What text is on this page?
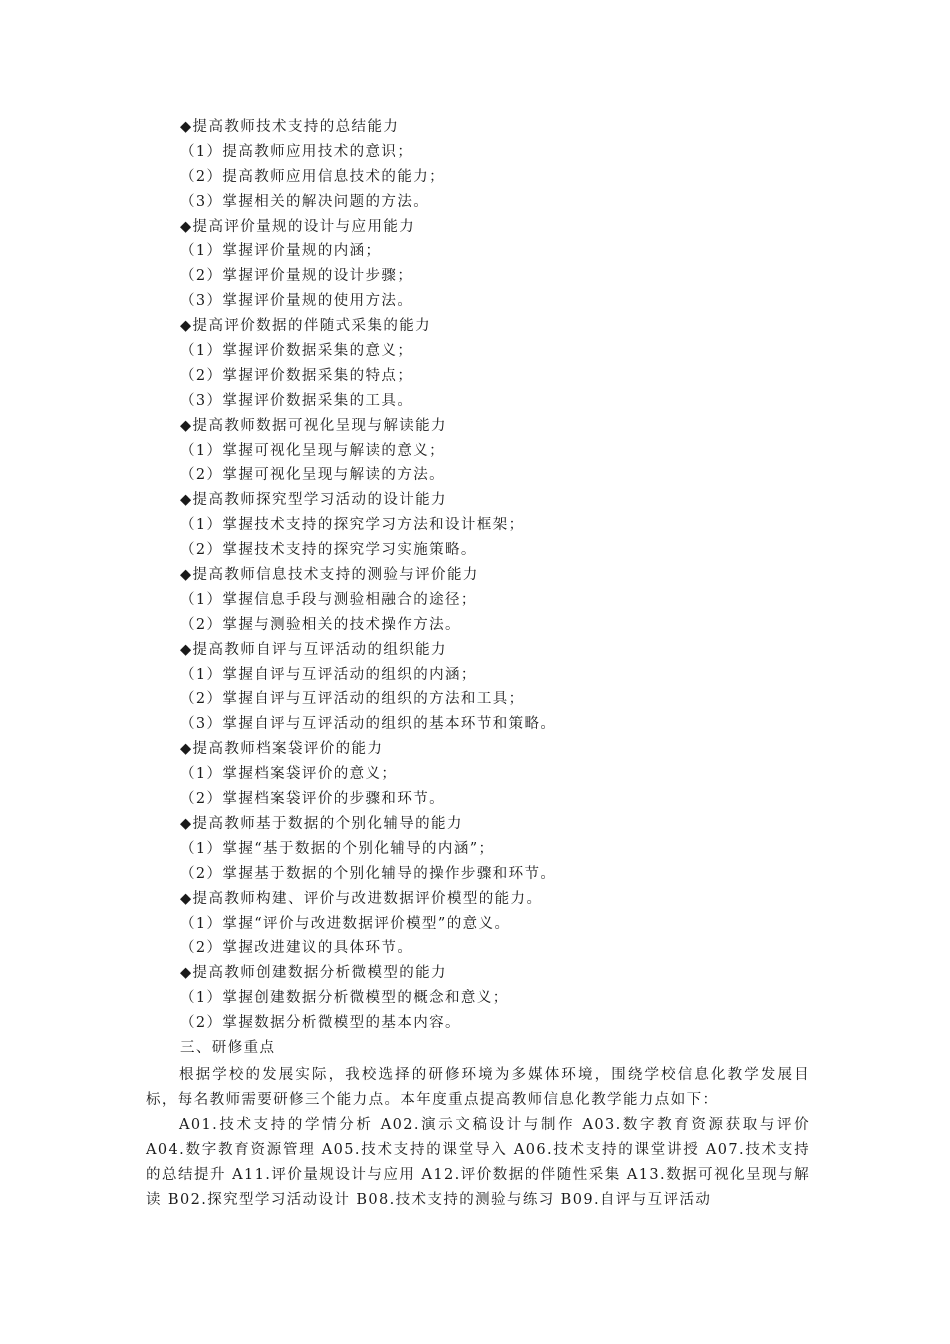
◆提高教师技术支持的总结能力
（1）提高教师应用技术的意识；
（2）提高教师应用信息技术的能力；
（3）掌握相关的解决问题的方法。
◆提高评价量规的设计与应用能力
（1）掌握评价量规的内涵；
（2）掌握评价量规的设计步骤；
（3）掌握评价量规的使用方法。
◆提高评价数据的伴随式采集的能力
（1）掌握评价数据采集的意义；
（2）掌握评价数据采集的特点；
（3）掌握评价数据采集的工具。
◆提高教师数据可视化呈现与解读能力
（1）掌握可视化呈现与解读的意义；
（2）掌握可视化呈现与解读的方法。
◆提高教师探究型学习活动的设计能力
（1）掌握技术支持的探究学习方法和设计框架；
（2）掌握技术支持的探究学习实施策略。
◆提高教师信息技术支持的测验与评价能力
（1）掌握信息手段与测验相融合的途径；
（2）掌握与测验相关的技术操作方法。
◆提高教师自评与互评活动的组织能力
（1）掌握自评与互评活动的组织的内涵；
（2）掌握自评与互评活动的组织的方法和工具；
（3）掌握自评与互评活动的组织的基本环节和策略。
◆提高教师档案袋评价的能力
（1）掌握档案袋评价的意义；
（2）掌握档案袋评价的步骤和环节。
◆提高教师基于数据的个别化辅导的能力
（1）掌握“基于数据的个别化辅导的内涵”；
（2）掌握基于数据的个别化辅导的操作步骤和环节。
◆提高教师构建、评价与改进数据评价模型的能力。
（1）掌握“评价与改进数据评价模型”的意义。
（2）掌握改进建议的具体环节。
◆提高教师创建数据分析微模型的能力
（1）掌握创建数据分析微模型的概念和意义；
（2）掌握数据分析微模型的基本内容。
三、研修重点

根据学校的发展实际，我校选择的研修环境为多媒体环境，围绕学校信息化教学发展目标，每名教师需要研修三个能力点。本年度重点提高教师信息化教学能力点如下：

A01.技术支持的学情分析 A02.演示文稿设计与制作 A03.数字教育资源获取与评价 A04.数字教育资源管理 A05.技术支持的课堂导入 A06.技术支持的课堂讲授 A07.技术支持的总结提升 A11.评价量规设计与应用 A12.评价数据的伴随性采集 A13.数据可视化呈现与解读 B02.探究型学习活动设计 B08.技术支持的测验与练习 B09.自评与互评活动
